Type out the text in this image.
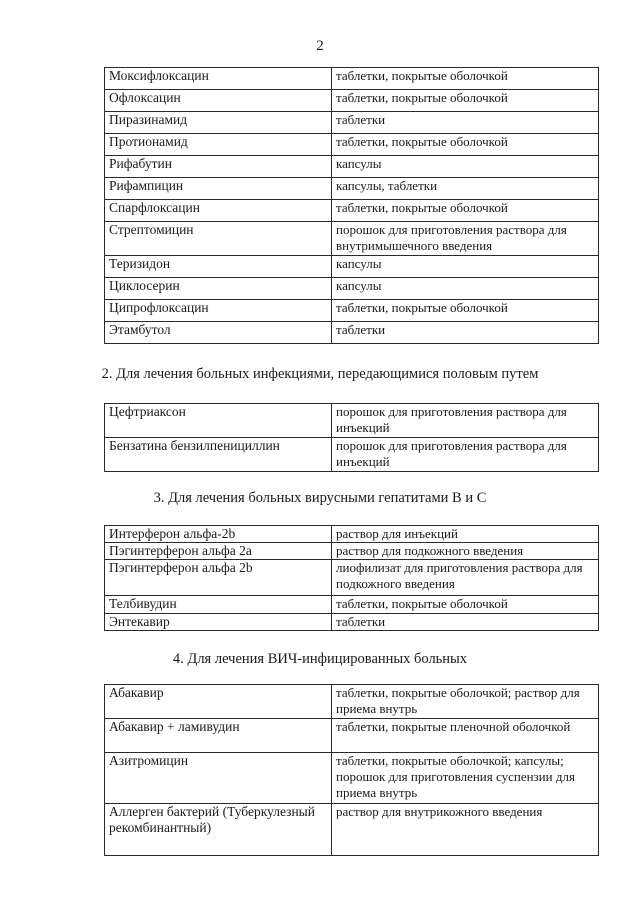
2
Моксифлоксацин	таблетки, покрытые оболочкой
Офлоксацин	таблетки, покрытые оболочкой
Пиразинамид	таблетки
Протионамид	таблетки, покрытые оболочкой
Рифабутин	капсулы
Рифампицин	капсулы, таблетки
Спарфлоксацин	таблетки, покрытые оболочкой
Стрептомицин	порошок для приготовления раствора для внутримышечного введения
Теризидон	капсулы
Циклосерин	капсулы
Ципрофлоксацин	таблетки, покрытые оболочкой
Этамбутол	таблетки
2. Для лечения больных инфекциями, передающимися половым путем
Цефтриаксон	порошок для приготовления раствора для инъекций
Бензатина бензилпенициллин	порошок для приготовления раствора для инъекций
3. Для лечения больных вирусными гепатитами В и С
Интерферон альфа-2b	раствор для инъекций
Пэгинтерферон альфа 2а	раствор для подкожного введения
Пэгинтерферон альфа 2b	лиофилизат для приготовления раствора для подкожного введения
Телбивудин	таблетки, покрытые оболочкой
Энтекавир	таблетки
4. Для лечения ВИЧ-инфицированных больных
Абакавир	таблетки, покрытые оболочкой; раствор для приема внутрь
Абакавир + ламивудин	таблетки, покрытые пленочной оболочкой
Азитромицин	таблетки, покрытые оболочкой; капсулы; порошок для приготовления суспензии для приема внутрь
Аллерген бактерий (Туберкулезный рекомбинантный)	раствор для внутрикожного введения
